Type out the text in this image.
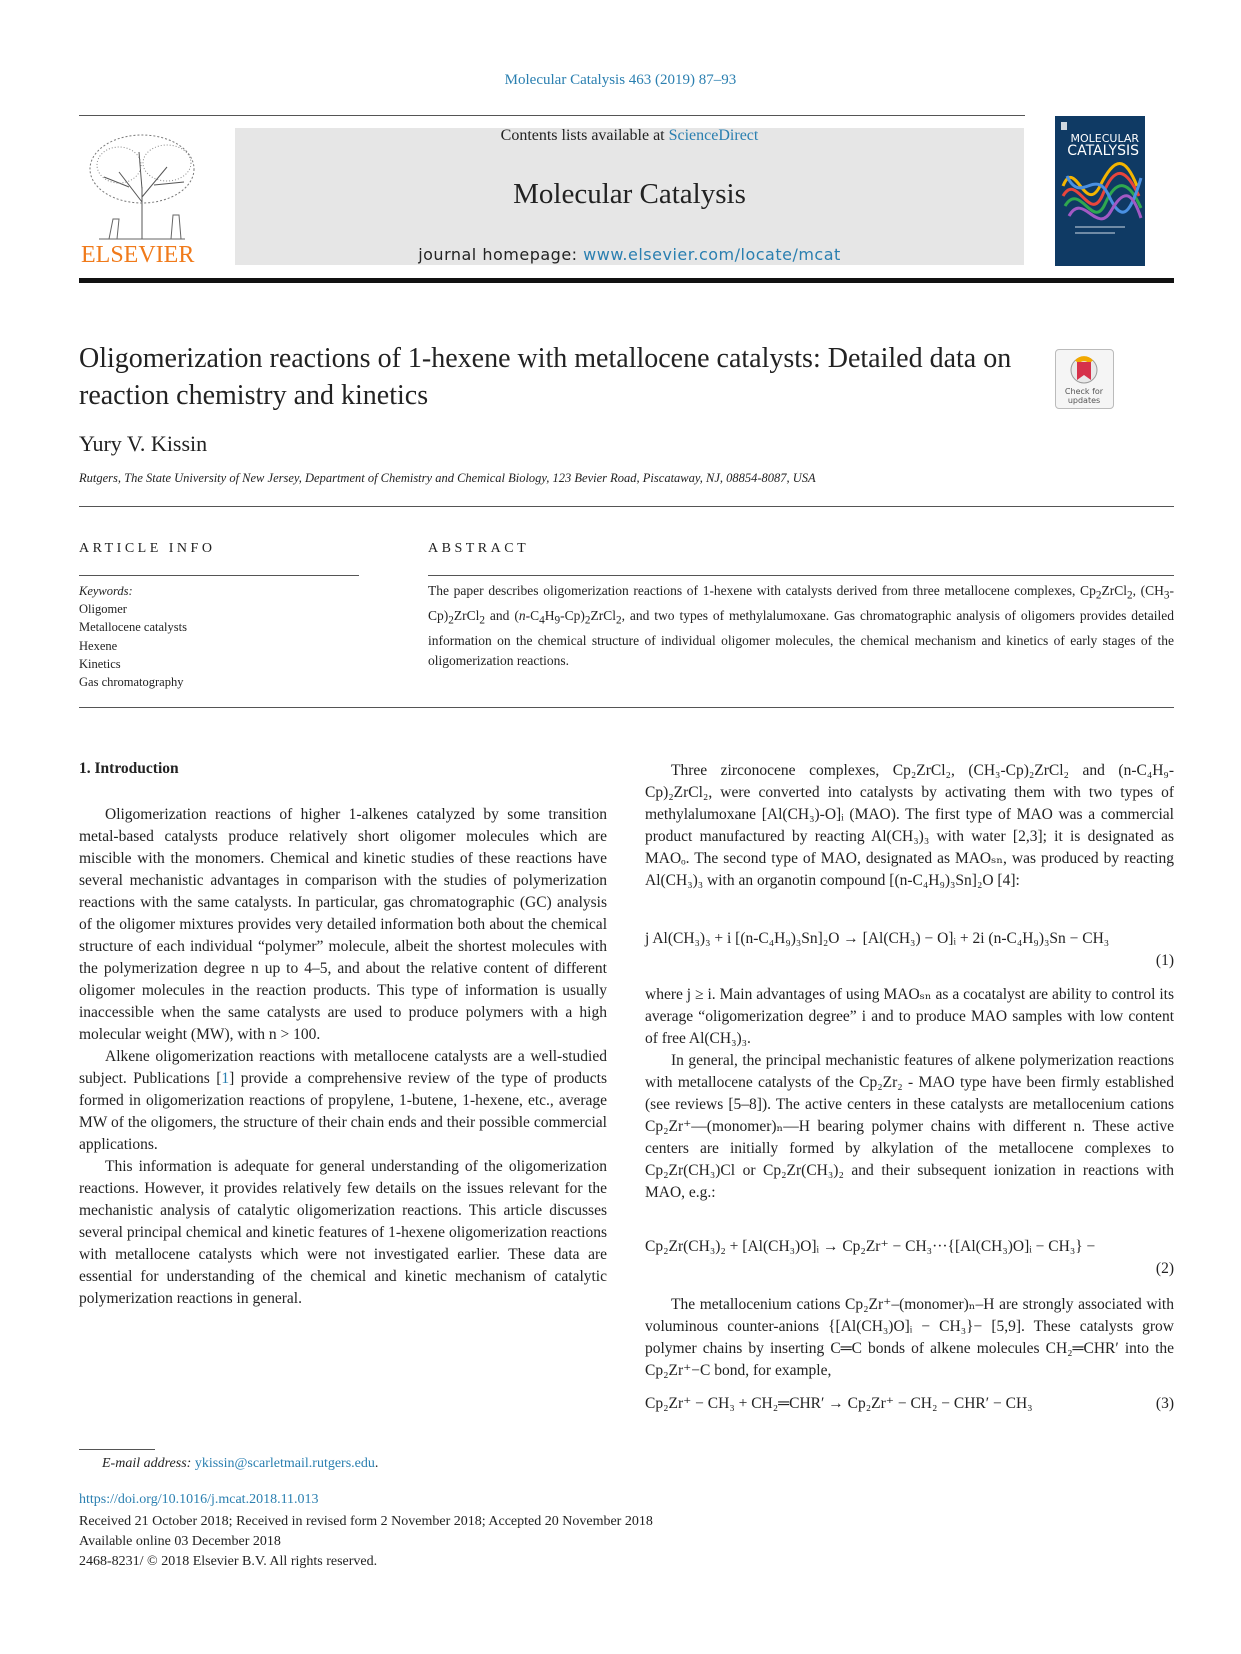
Molecular Catalysis 463 (2019) 87–93
ELSEVIER
Contents lists available at ScienceDirect
Molecular Catalysis
journal homepage: www.elsevier.com/locate/mcat
MOLECULAR
CATALYSIS
Oligomerization reactions of 1-hexene with metallocene catalysts: Detailed data on reaction chemistry and kinetics	Check for
updates
Yury V. Kissin
Rutgers, The State University of New Jersey, Department of Chemistry and Chemical Biology, 123 Bevier Road, Piscataway, NJ, 08854-8087, USA
ARTICLE INFO	ABSTRACT
Keywords:
Oligomer
Metallocene catalysts
Hexene
Kinetics
Gas chromatography
The paper describes oligomerization reactions of 1-hexene with catalysts derived from three metallocene complexes, $Cp_2ZrCl_2$, $(CH_3-Cp)_2ZrCl_2$ and $(n-C_4H_9-Cp)_2ZrCl_2$, and two types of methylalumoxane. Gas chromatographic analysis of oligomers provides detailed information on the chemical structure of individual oligomer molecules, the chemical mechanism and kinetics of early stages of the oligomerization reactions.
1. Introduction

Oligomerization reactions of higher 1-alkenes catalyzed by some transition metal-based catalysts produce relatively short oligomer molecules which are miscible with the monomers. Chemical and kinetic studies of these reactions have several mechanistic advantages in comparison with the studies of polymerization reactions with the same catalysts. In particular, gas chromatographic (GC) analysis of the oligomer mixtures provides very detailed information both about the chemical structure of each individual “polymer” molecule, albeit the shortest molecules with the polymerization degree n up to 4–5, and about the relative content of different oligomer molecules in the reaction products. This type of information is usually inaccessible when the same catalysts are used to produce polymers with a high molecular weight (MW), with n > 100.

Alkene oligomerization reactions with metallocene catalysts are a well-studied subject. Publications [1] provide a comprehensive review of the type of products formed in oligomerization reactions of propylene, 1-butene, 1-hexene, etc., average MW of the oligomers, the structure of their chain ends and their possible commercial applications.

This information is adequate for general understanding of the oligomerization reactions. However, it provides relatively few details on the issues relevant for the mechanistic analysis of catalytic oligomerization reactions. This article discusses several principal chemical and kinetic features of 1-hexene oligomerization reactions with metallocene catalysts which were not investigated earlier. These data are essential for understanding of the chemical and kinetic mechanism of catalytic polymerization reactions in general.

Three zirconocene complexes, Cp₂ZrCl₂, (CH₃-Cp)₂ZrCl₂ and (n-C₄H₉-Cp)₂ZrCl₂, were converted into catalysts by activating them with two types of methylalumoxane [Al(CH₃)-O]ᵢ (MAO). The first type of MAO was a commercial product manufactured by reacting Al(CH₃)₃ with water [2,3]; it is designated as MAOₒ. The second type of MAO, designated as MAOₛₙ, was produced by reacting Al(CH₃)₃ with an organotin compound [(n-C₄H₉)₃Sn]₂O [4]:

j Al(CH₃)₃ + i [(n-C₄H₉)₃Sn]₂O → [Al(CH₃) − O]ᵢ + 2i (n-C₄H₉)₃Sn − CH₃
(1)

where j ≥ i. Main advantages of using MAOₛₙ as a cocatalyst are ability to control its average “oligomerization degree” i and to produce MAO samples with low content of free Al(CH₃)₃.

In general, the principal mechanistic features of alkene polymerization reactions with metallocene catalysts of the Cp₂Zr₂ - MAO type have been firmly established (see reviews [5–8]). The active centers in these catalysts are metallocenium cations Cp₂Zr⁺—(monomer)ₙ—H bearing polymer chains with different n. These active centers are initially formed by alkylation of the metallocene complexes to Cp₂Zr(CH₃)Cl or Cp₂Zr(CH₃)₂ and their subsequent ionization in reactions with MAO, e.g.:

Cp₂Zr(CH₃)₂ + [Al(CH₃)O]ᵢ → Cp₂Zr⁺ − CH₃···{[Al(CH₃)O]ᵢ − CH₃} −
(2)

The metallocenium cations Cp₂Zr⁺–(monomer)ₙ–H are strongly associated with voluminous counter-anions {[Al(CH₃)O]ᵢ − CH₃}− [5,9]. These catalysts grow polymer chains by inserting C═C bonds of alkene molecules CH₂═CHR′ into the Cp₂Zr⁺−C bond, for example,

Cp₂Zr⁺ − CH₃ + CH₂═CHR′ → Cp₂Zr⁺ − CH₂ − CHR′ − CH₃	(3)
E-mail address: ykissin@scarletmail.rutgers.edu.
https://doi.org/10.1016/j.mcat.2018.11.013
Received 21 October 2018; Received in revised form 2 November 2018; Accepted 20 November 2018
Available online 03 December 2018
2468-8231/ © 2018 Elsevier B.V. All rights reserved.
